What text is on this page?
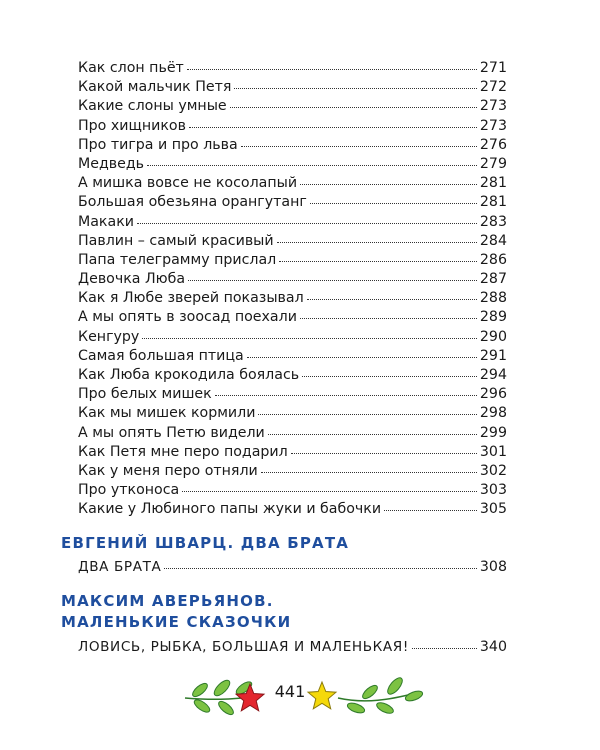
Как слон пьёт	271
Какой мальчик Петя	272
Какие слоны умные	273
Про хищников	273
Про тигра и про льва	276
Медведь	279
А мишка вовсе не косолапый	281
Большая обезьяна орангутанг	281
Макаки	283
Павлин – самый красивый	284
Папа телеграмму прислал	286
Девочка Люба	287
Как я Любе зверей показывал	288
А мы опять в зоосад поехали	289
Кенгуру	290
Самая большая птица	291
Как Люба крокодила боялась	294
Про белых мишек	296
Как мы мишек кормили	298
А мы опять Петю видели	299
Как Петя мне перо подарил	301
Как у меня перо отняли	302
Про утконоса	303
Какие у Любиного папы жуки и бабочки	305
ЕВГЕНИЙ ШВАРЦ. ДВА БРАТА
ДВА БРАТА	308
МАКСИМ АВЕРЬЯНОВ.
МАЛЕНЬКИЕ СКАЗОЧКИ
ЛОВИСЬ, РЫБКА, БОЛЬШАЯ И МАЛЕНЬКАЯ!	340
441
